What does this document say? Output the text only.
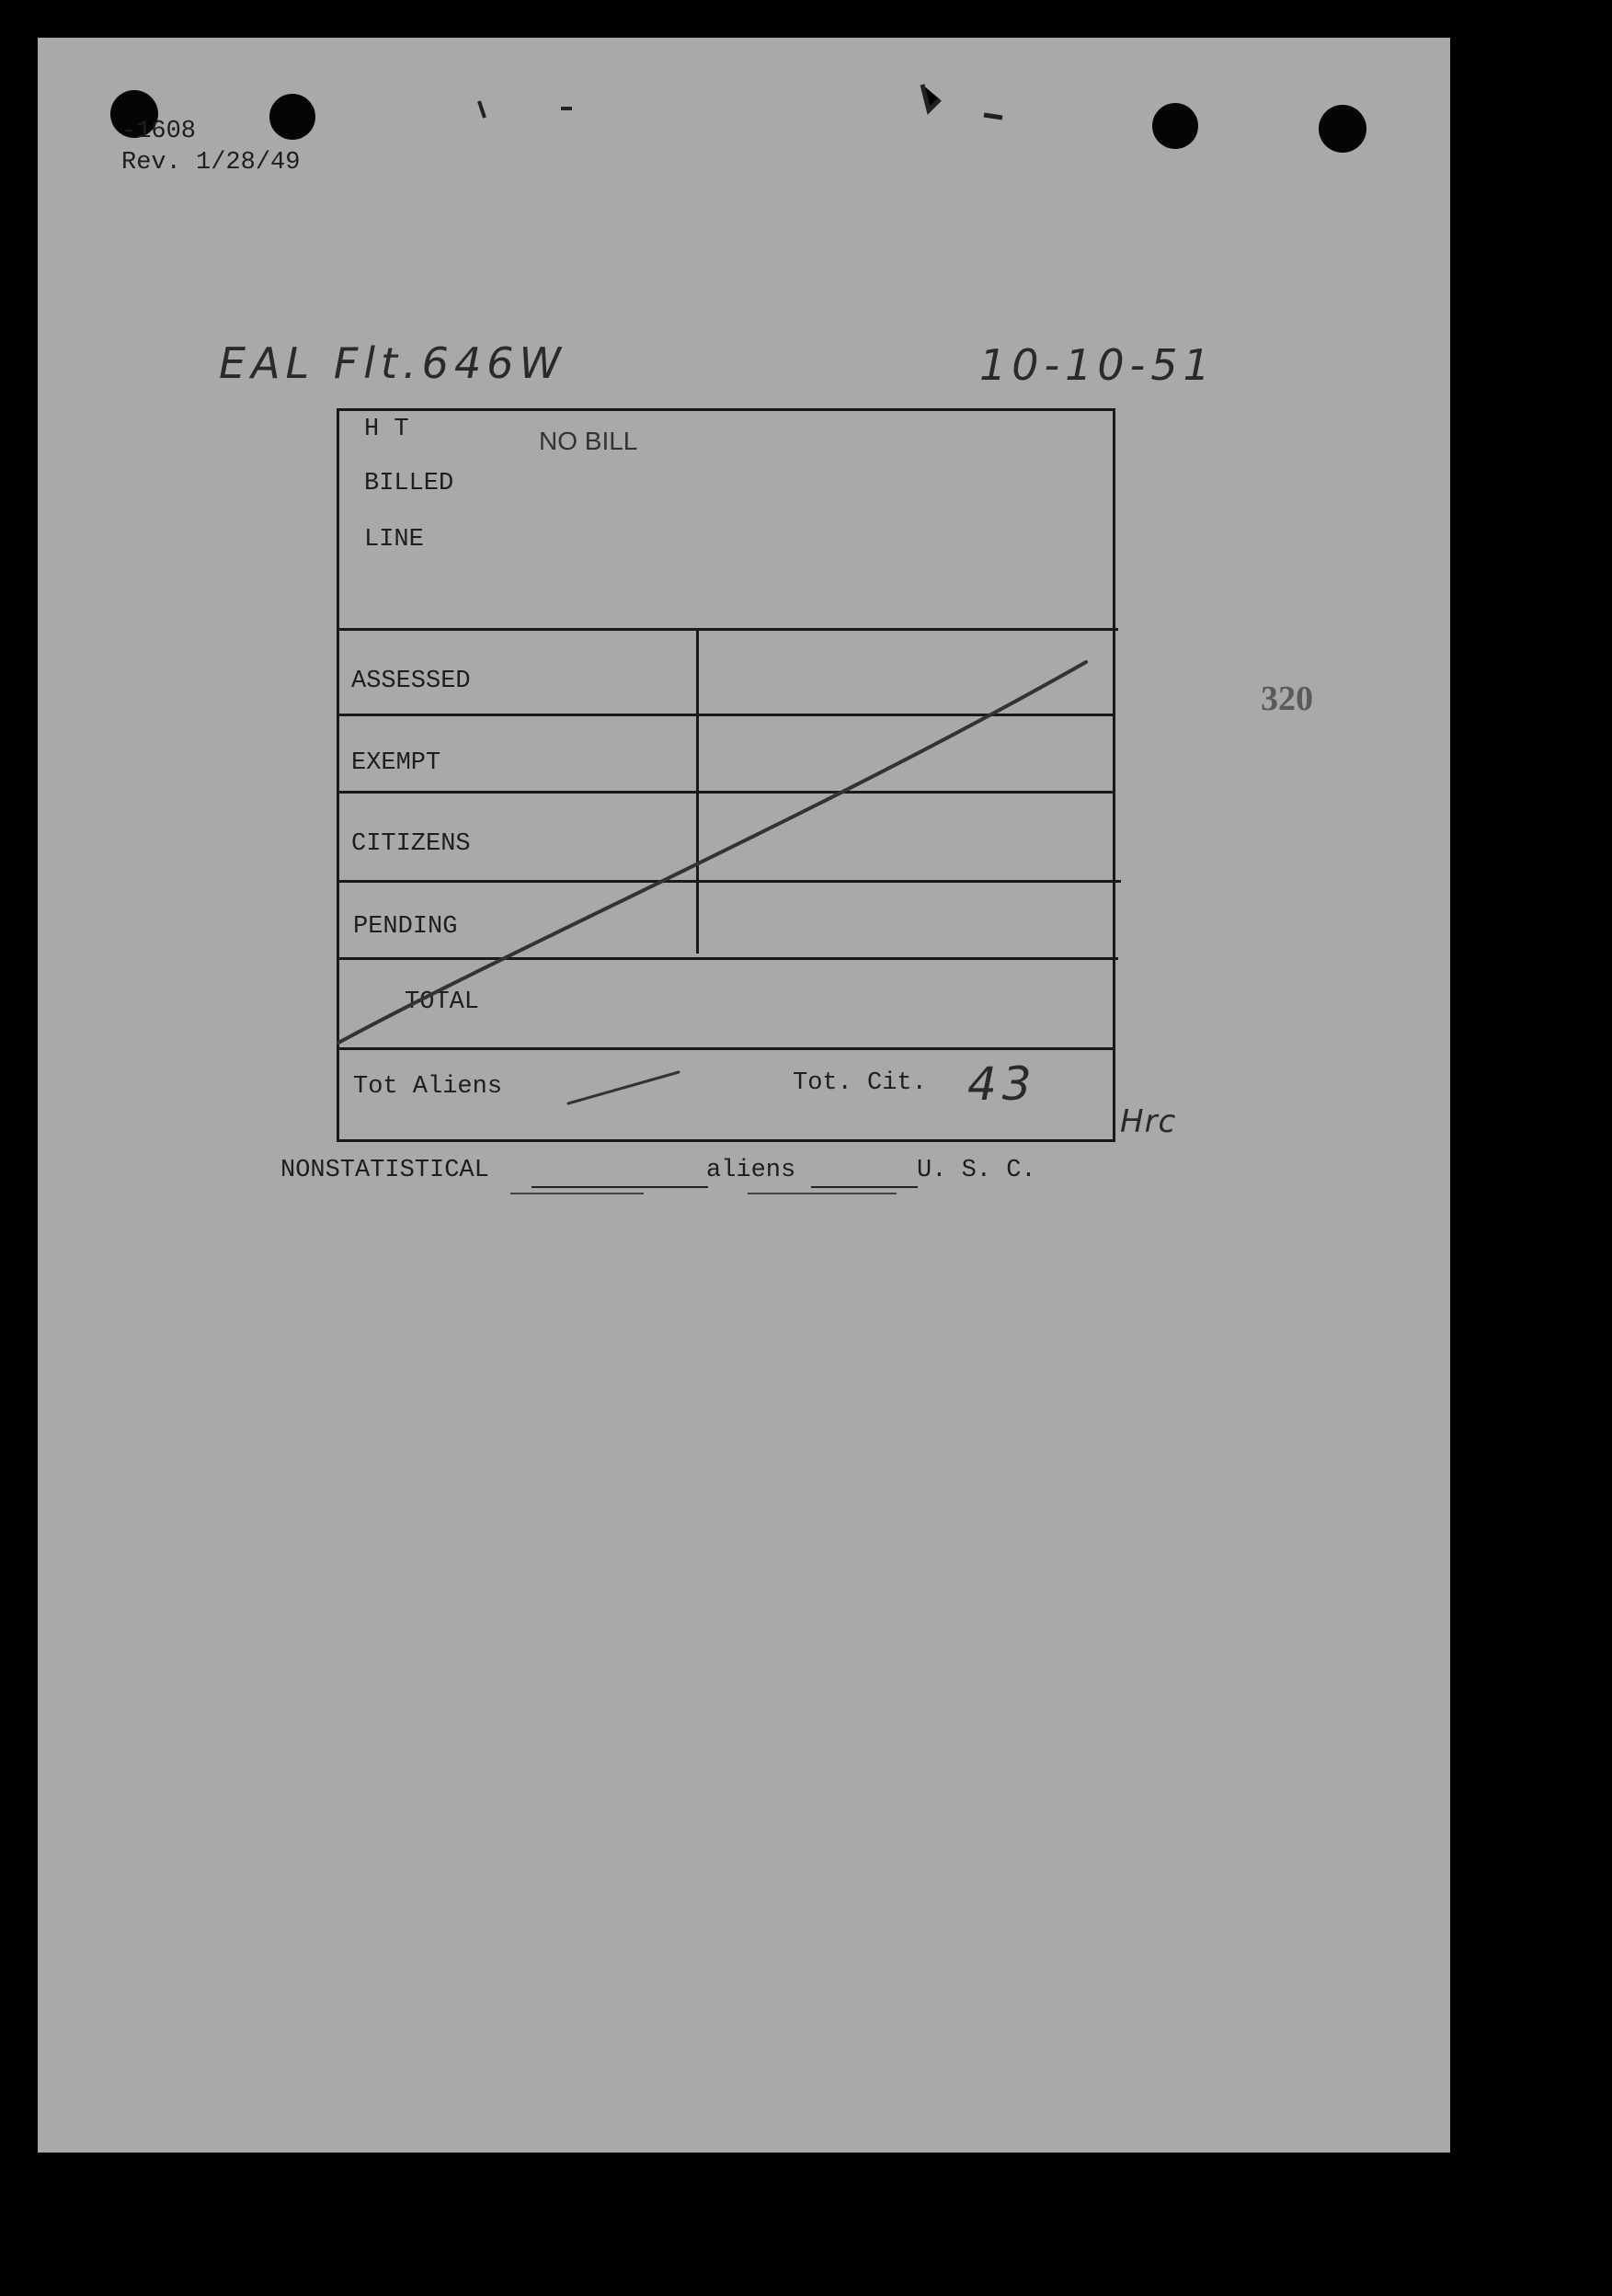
-1608
Rev. 1/28/49
EAL Flt.646W	10-10-51
320
H T
BILLED
LINE
NO BILL
ASSESSED
EXEMPT
CITIZENS
PENDING
TOTAL
Tot Aliens	Tot. Cit. 43
Hrc
NONSTATISTICAL	aliens	U. S. C.
